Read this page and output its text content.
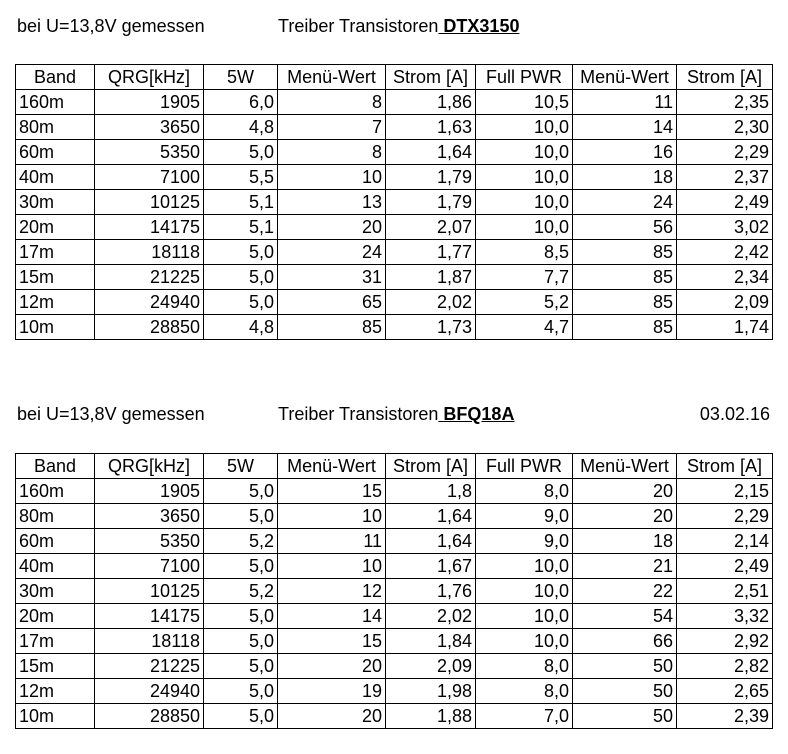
bei U=13,8V gemessen	Treiber Transistoren DTX3150
Band	QRG[kHz]	5W	Menü-Wert	Strom [A]	Full PWR	Menü-Wert	Strom [A]
160m	1905	6,0	8	1,86	10,5	11	2,35
80m	3650	4,8	7	1,63	10,0	14	2,30
60m	5350	5,0	8	1,64	10,0	16	2,29
40m	7100	5,5	10	1,79	10,0	18	2,37
30m	10125	5,1	13	1,79	10,0	24	2,49
20m	14175	5,1	20	2,07	10,0	56	3,02
17m	18118	5,0	24	1,77	8,5	85	2,42
15m	21225	5,0	31	1,87	7,7	85	2,34
12m	24940	5,0	65	2,02	5,2	85	2,09
10m	28850	4,8	85	1,73	4,7	85	1,74
bei U=13,8V gemessen	Treiber Transistoren BFQ18A	03.02.16
Band	QRG[kHz]	5W	Menü-Wert	Strom [A]	Full PWR	Menü-Wert	Strom [A]
160m	1905	5,0	15	1,8	8,0	20	2,15
80m	3650	5,0	10	1,64	9,0	20	2,29
60m	5350	5,2	11	1,64	9,0	18	2,14
40m	7100	5,0	10	1,67	10,0	21	2,49
30m	10125	5,2	12	1,76	10,0	22	2,51
20m	14175	5,0	14	2,02	10,0	54	3,32
17m	18118	5,0	15	1,84	10,0	66	2,92
15m	21225	5,0	20	2,09	8,0	50	2,82
12m	24940	5,0	19	1,98	8,0	50	2,65
10m	28850	5,0	20	1,88	7,0	50	2,39
